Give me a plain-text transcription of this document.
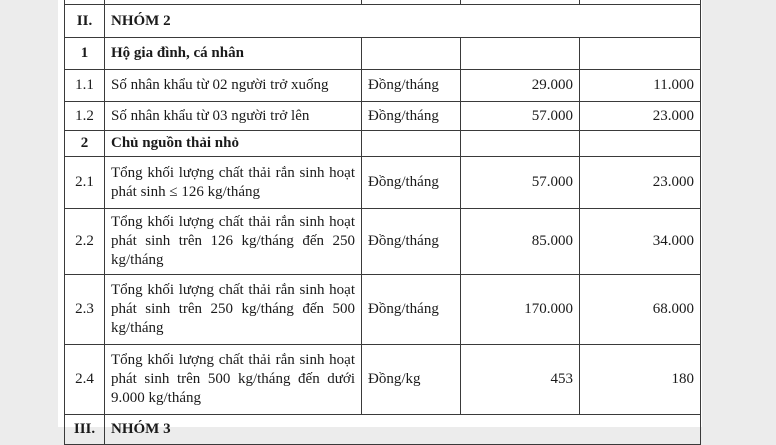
II.	NHÓM 2			
1	Hộ gia đình, cá nhân			
1.1	Số nhân khẩu từ 02 người trở xuống	Đồng/tháng	29.000	11.000
1.2	Số nhân khẩu từ 03 người trở lên	Đồng/tháng	57.000	23.000
2	Chủ nguồn thải nhỏ			
2.1	Tổng khối lượng chất thải rắn sinh hoạt phát sinh ≤ 126 kg/tháng	Đồng/tháng	57.000	23.000
2.2	Tổng khối lượng chất thải rắn sinh hoạt phát sinh trên 126 kg/tháng đến 250 kg/tháng	Đồng/tháng	85.000	34.000
2.3	Tổng khối lượng chất thải rắn sinh hoạt phát sinh trên 250 kg/tháng đến 500 kg/tháng	Đồng/tháng	170.000	68.000
2.4	Tổng khối lượng chất thải rắn sinh hoạt phát sinh trên 500 kg/tháng đến dưới 9.000 kg/tháng	Đồng/kg	453	180
III.	NHÓM 3			
